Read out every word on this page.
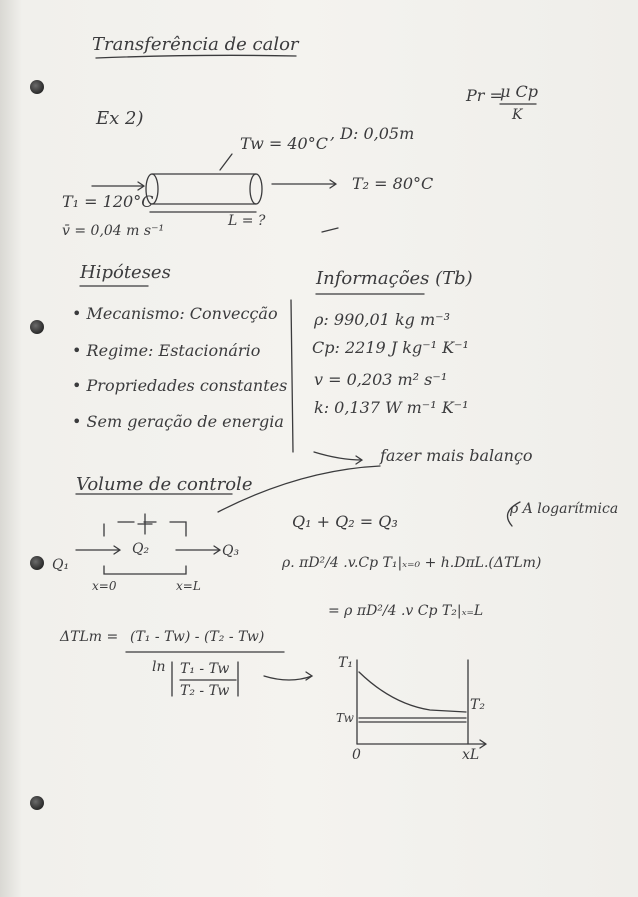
Transferência de calor
Pr =
μ Cp
K
Ex 2)
Tw = 40°C
, D: 0,05m
T₁ = 120°C
T₂ = 80°C
v̄ = 0,04 m s⁻¹
L = ?
Hipóteses
• Mecanismo: Convecção
• Regime: Estacionário
• Propriedades constantes
• Sem geração de energia
Informações (Tb)
ρ: 990,01 kg m⁻³
Cp: 2219 J kg⁻¹ K⁻¹
v = 0,203 m² s⁻¹
k: 0,137 W m⁻¹ K⁻¹
fazer mais balanço
ρ A logarítmica
Volume de controle
Q₁
Q₂	Q₃
x=0	x=L
Q₁ + Q₂ = Q₃
ρ. πD²/4 .v.Cp T₁|ₓ₌₀ + h.DπL.(ΔTLm)
= ρ πD²/4 .v Cp T₂|ₓ₌L
ΔTLm = (T₁ - Tw) - (T₂ - Tw)
ln T₁ - Tw
T₂ - Tw
T₁
Tw
T₂
0	xL
